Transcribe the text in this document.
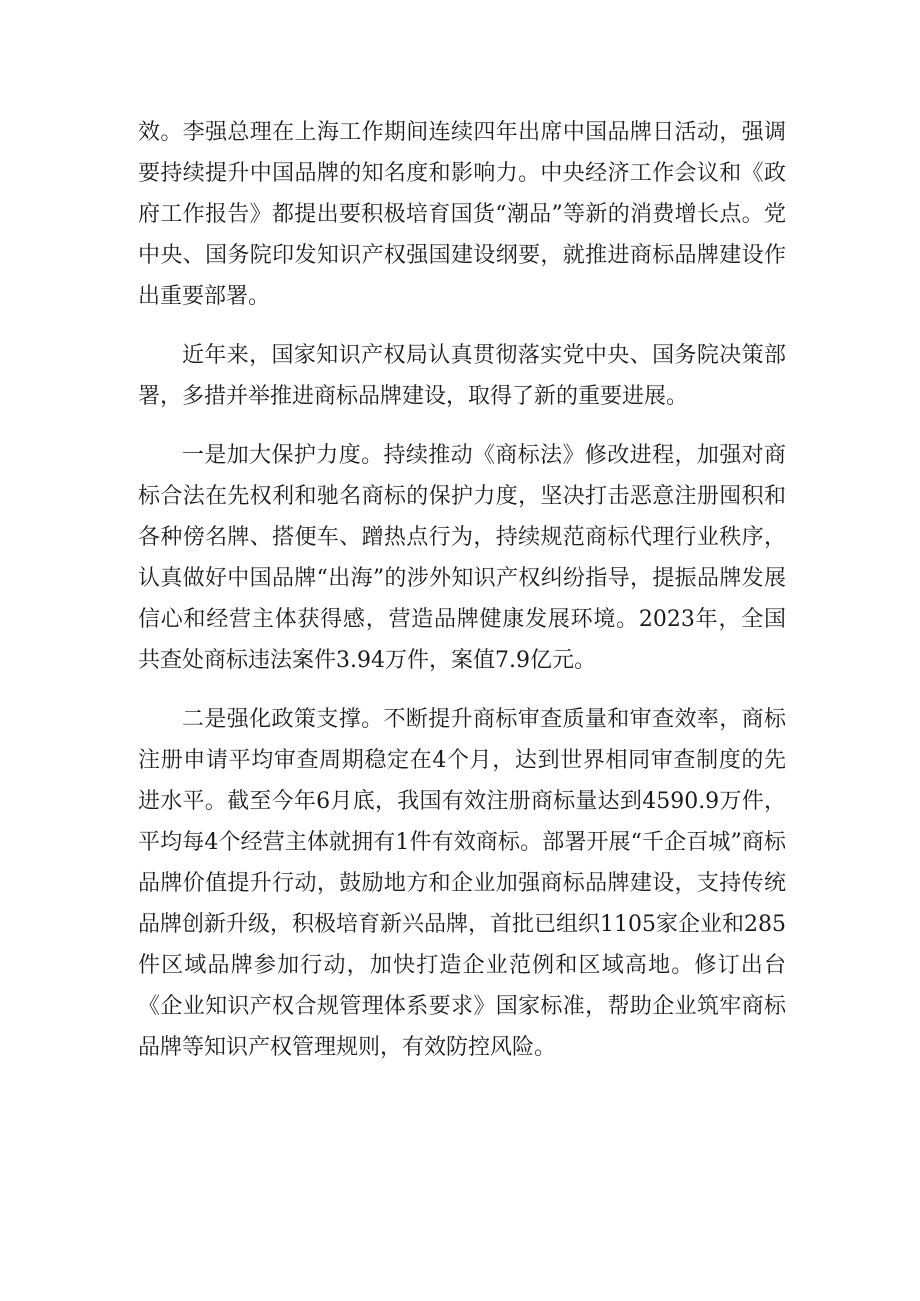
效。李强总理在上海工作期间连续四年出席中国品牌日活动，强调要持续提升中国品牌的知名度和影响力。中央经济工作会议和《政府工作报告》都提出要积极培育国货“潮品”等新的消费增长点。党中央、国务院印发知识产权强国建设纲要，就推进商标品牌建设作出重要部署。

近年来，国家知识产权局认真贯彻落实党中央、国务院决策部署，多措并举推进商标品牌建设，取得了新的重要进展。

一是加大保护力度。持续推动《商标法》修改进程，加强对商标合法在先权利和驰名商标的保护力度，坚决打击恶意注册囤积和各种傍名牌、搭便车、蹭热点行为，持续规范商标代理行业秩序，认真做好中国品牌“出海”的涉外知识产权纠纷指导，提振品牌发展信心和经营主体获得感，营造品牌健康发展环境。2023年，全国共查处商标违法案件3.94万件，案值7.9亿元。

二是强化政策支撑。不断提升商标审查质量和审查效率，商标注册申请平均审查周期稳定在4个月，达到世界相同审查制度的先进水平。截至今年6月底，我国有效注册商标量达到4590.9万件，平均每4个经营主体就拥有1件有效商标。部署开展“千企百城”商标品牌价值提升行动，鼓励地方和企业加强商标品牌建设，支持传统品牌创新升级，积极培育新兴品牌，首批已组织1105家企业和285件区域品牌参加行动，加快打造企业范例和区域高地。修订出台《企业知识产权合规管理体系要求》国家标准，帮助企业筑牢商标品牌等知识产权管理规则，有效防控风险。
